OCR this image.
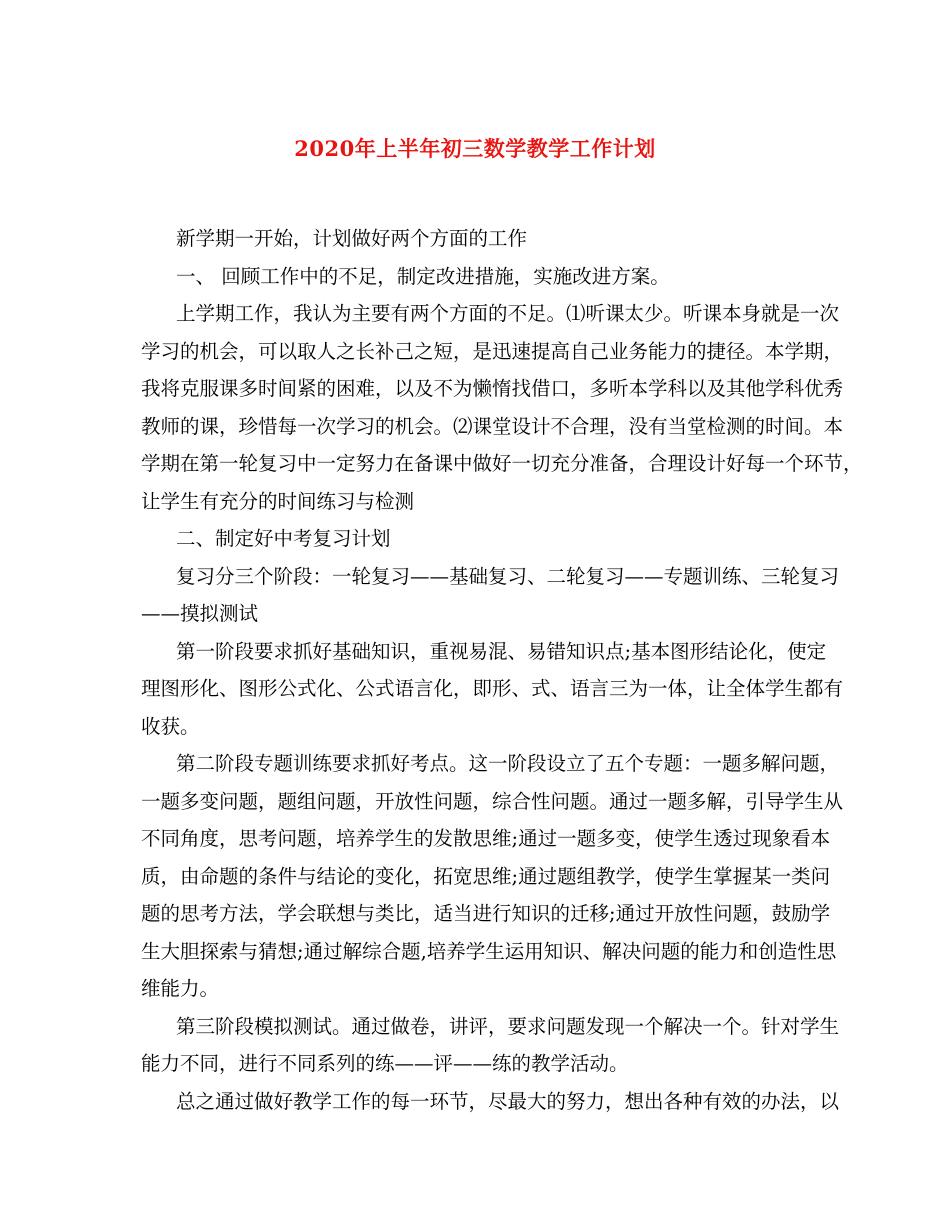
2020年上半年初三数学教学工作计划
新学期一开始，计划做好两个方面的工作
一、 回顾工作中的不足，制定改进措施，实施改进方案。
上学期工作，我认为主要有两个方面的不足。⑴听课太少。听课本身就是一次
学习的机会，可以取人之长补己之短，是迅速提高自己业务能力的捷径。本学期，
我将克服课多时间紧的困难，以及不为懒惰找借口，多听本学科以及其他学科优秀
教师的课，珍惜每一次学习的机会。⑵课堂设计不合理，没有当堂检测的时间。本
学期在第一轮复习中一定努力在备课中做好一切充分准备，合理设计好每一个环节，
让学生有充分的时间练习与检测
二、制定好中考复习计划
复习分三个阶段：一轮复习——基础复习、二轮复习——专题训练、三轮复习
——摸拟测试
第一阶段要求抓好基础知识，重视易混、易错知识点;基本图形结论化，使定
理图形化、图形公式化、公式语言化，即形、式、语言三为一体，让全体学生都有
收获。
第二阶段专题训练要求抓好考点。这一阶段设立了五个专题：一题多解问题，
一题多变问题，题组问题，开放性问题，综合性问题。通过一题多解，引导学生从
不同角度，思考问题，培养学生的发散思维;通过一题多变，使学生透过现象看本
质，由命题的条件与结论的变化，拓宽思维;通过题组教学，使学生掌握某一类问
题的思考方法，学会联想与类比，适当进行知识的迁移;通过开放性问题，鼓励学
生大胆探索与猜想;通过解综合题,培养学生运用知识、解决问题的能力和创造性思
维能力。
第三阶段模拟测试。通过做卷，讲评，要求问题发现一个解决一个。针对学生
能力不同，进行不同系列的练——评——练的教学活动。
总之通过做好教学工作的每一环节，尽最大的努力，想出各种有效的办法，以
